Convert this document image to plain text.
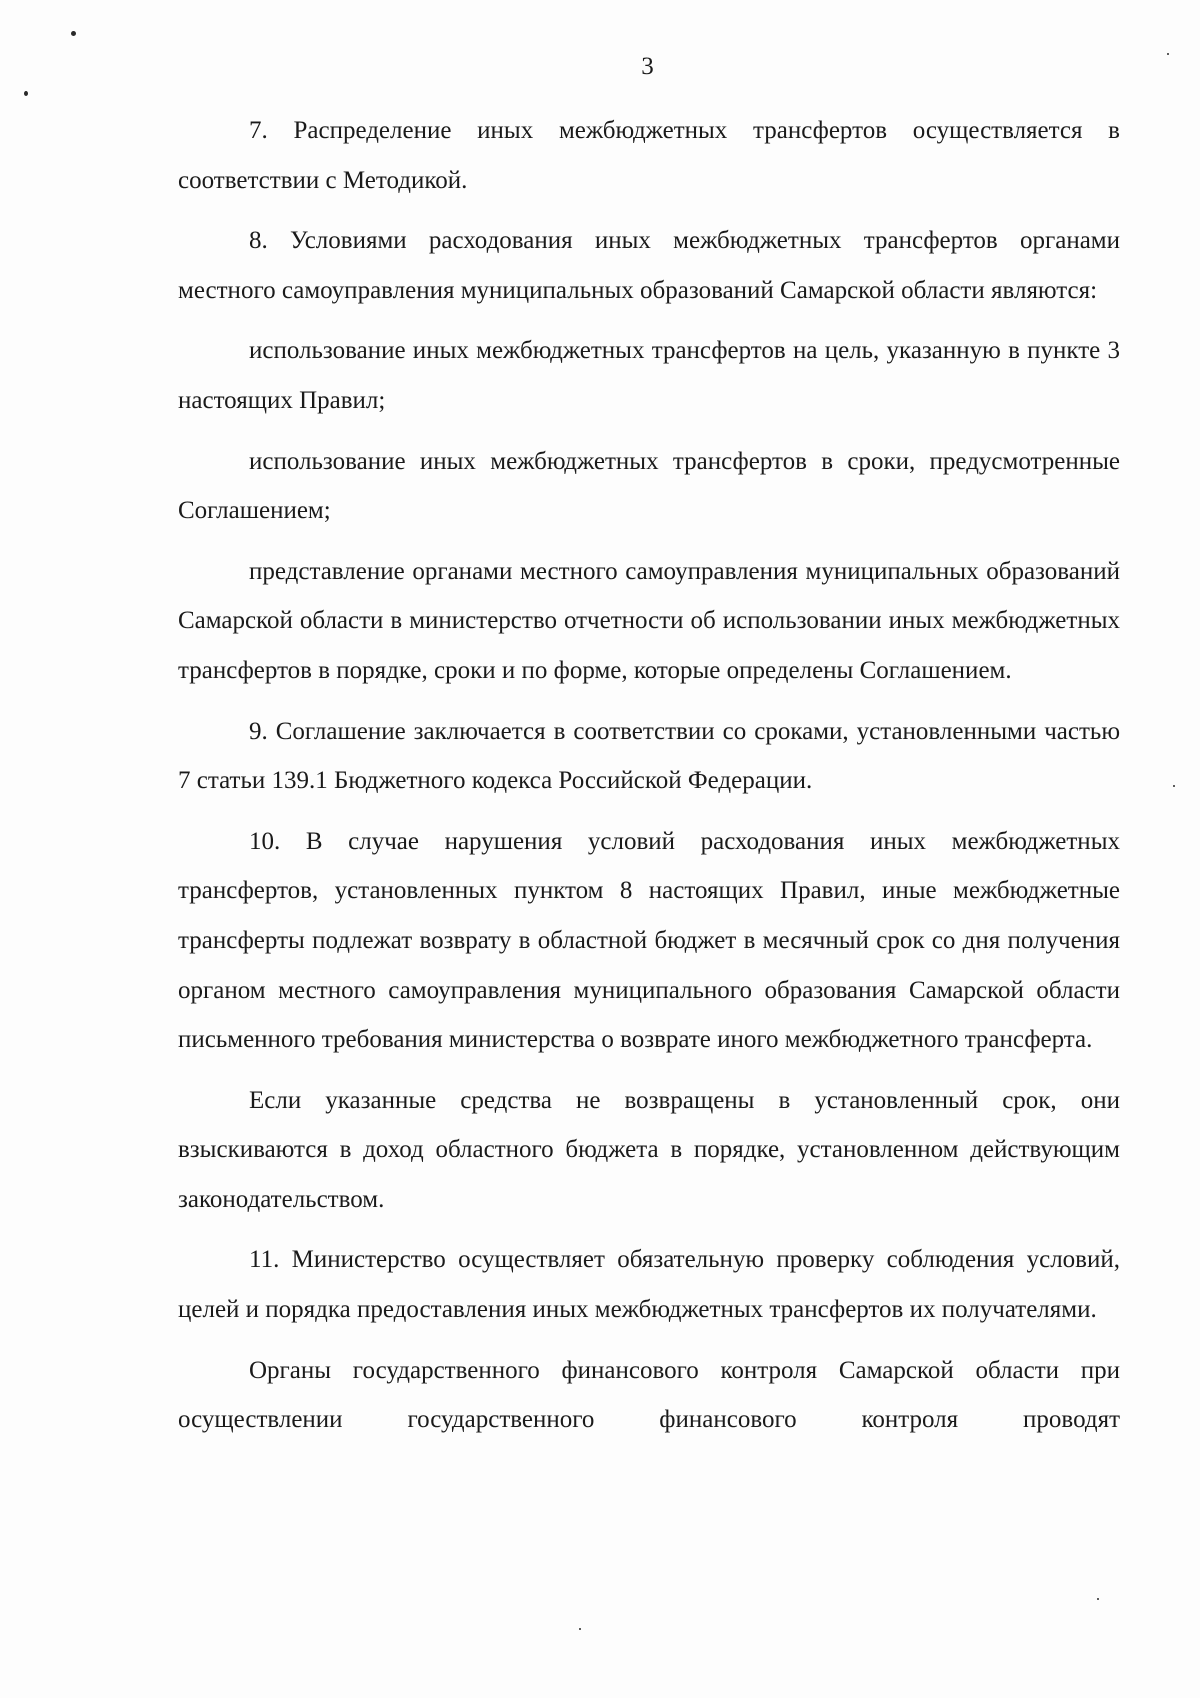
3

7. Распределение иных межбюджетных трансфертов осуществляется в соответствии с Методикой.

8. Условиями расходования иных межбюджетных трансфертов органами местного самоуправления муниципальных образований Самарской области являются:

использование иных межбюджетных трансфертов на цель, указанную в пункте 3 настоящих Правил;

использование иных межбюджетных трансфертов в сроки, предусмотренные Соглашением;

представление органами местного самоуправления муниципальных образований Самарской области в министерство отчетности об использовании иных межбюджетных трансфертов в порядке, сроки и по форме, которые определены Соглашением.

9. Соглашение заключается в соответствии со сроками, установленными частью 7 статьи 139.1 Бюджетного кодекса Российской Федерации.

10. В случае нарушения условий расходования иных межбюджетных трансфертов, установленных пунктом 8 настоящих Правил, иные межбюджетные трансферты подлежат возврату в областной бюджет в месячный срок со дня получения органом местного самоуправления муниципального образования Самарской области письменного требования министерства о возврате иного межбюджетного трансферта.

Если указанные средства не возвращены в установленный срок, они взыскиваются в доход областного бюджета в порядке, установленном действующим законодательством.

11. Министерство осуществляет обязательную проверку соблюдения условий, целей и порядка предоставления иных межбюджетных трансфертов их получателями.

Органы государственного финансового контроля Самарской области при осуществлении государственного финансового контроля проводят
